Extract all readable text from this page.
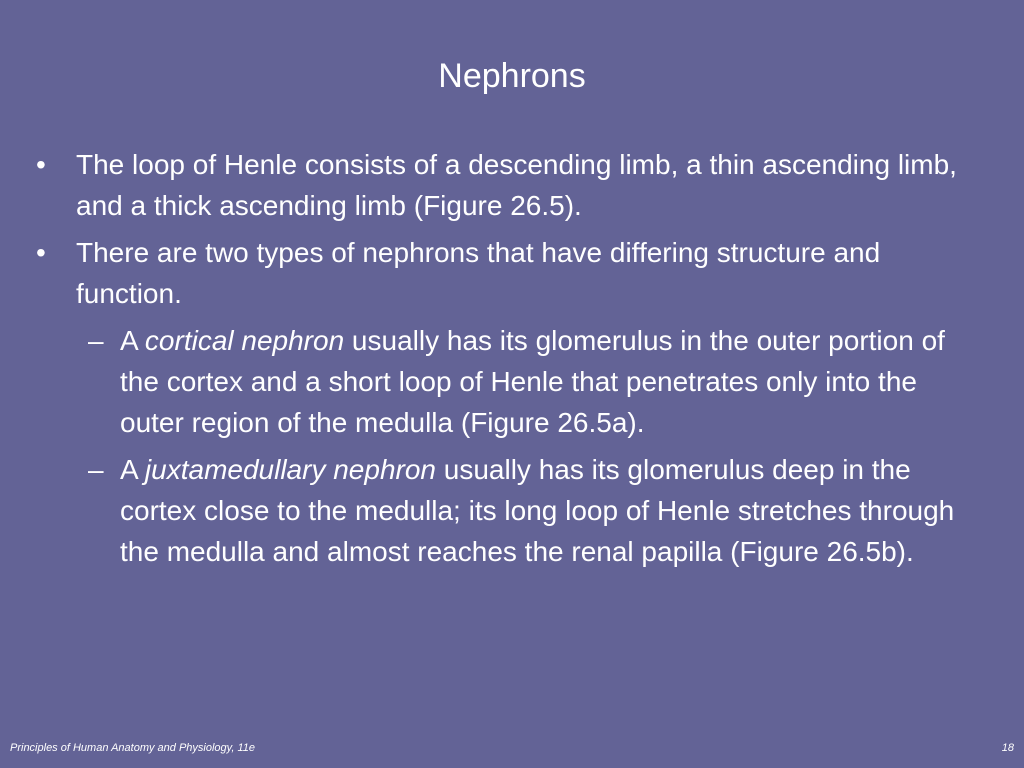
Nephrons
•	The loop of Henle consists of a descending limb, a thin ascending limb, and a thick ascending limb (Figure 26.5).
•	There are two types of nephrons that have differing structure and function.
– A cortical nephron usually has its glomerulus in the outer portion of the cortex and a short loop of Henle that penetrates only into the outer region of the medulla (Figure 26.5a).
– A juxtamedullary nephron usually has its glomerulus deep in the cortex close to the medulla; its long loop of Henle stretches through the medulla and almost reaches the renal papilla (Figure 26.5b).
Principles of Human Anatomy and Physiology, 11e	18
